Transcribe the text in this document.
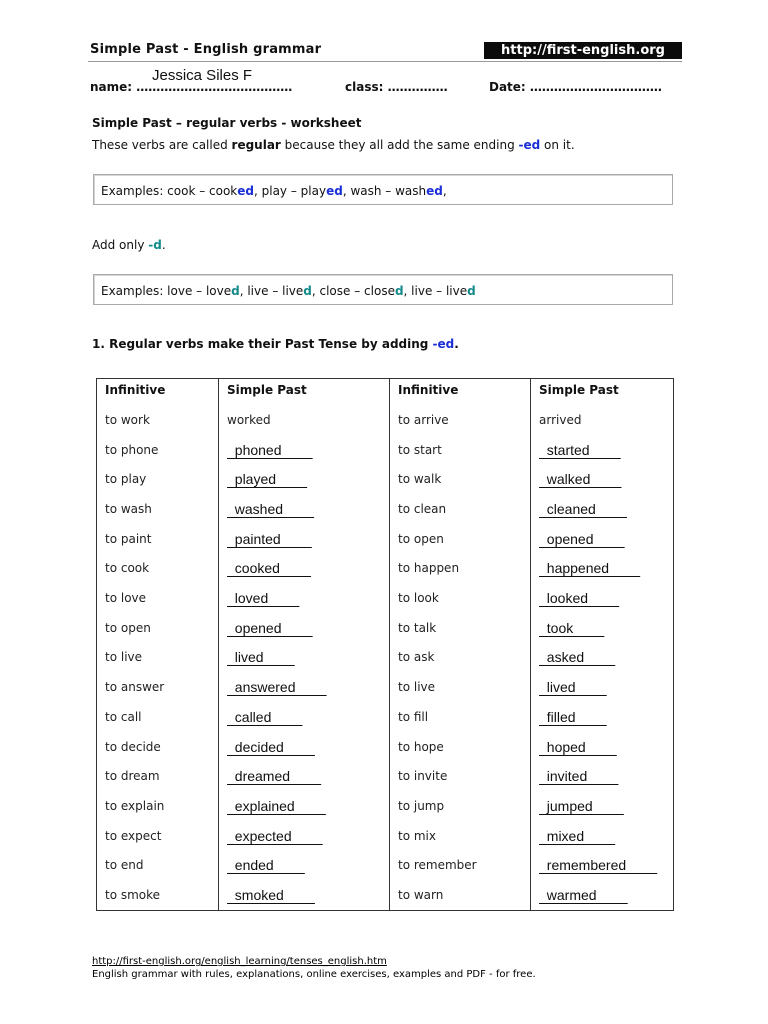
Simple Past - English grammar	http://first-english.org
Jessica Siles F
name: …………………………………	class: ……………	Date: ……………………………
Simple Past – regular verbs - worksheet
These verbs are called regular because they all add the same ending -ed on it.
Examples: cook – cooked, play – played, wash – washed,
Add only -d.
Examples: love – loved, live – lived, close – closed, live – lived
1. Regular verbs make their Past Tense by adding -ed.
Infinitive	Simple Past	Infinitive	Simple Past
to work	worked	to arrive	arrived
to phone	phoned	to start	started
to play	played	to walk	walked
to wash	washed	to clean	cleaned
to paint	painted	to open	opened
to cook	cooked	to happen	happened
to love	loved	to look	looked
to open	opened	to talk	took
to live	lived	to ask	asked
to answer	answered	to live	lived
to call	called	to fill	filled
to decide	decided	to hope	hoped
to dream	dreamed	to invite	invited
to explain	explained	to jump	jumped
to expect	expected	to mix	mixed
to end	ended	to remember	remembered
to smoke	smoked	to warn	warmed
http://first-english.org/english_learning/tenses_english.htm
English grammar with rules, explanations, online exercises, examples and PDF - for free.
